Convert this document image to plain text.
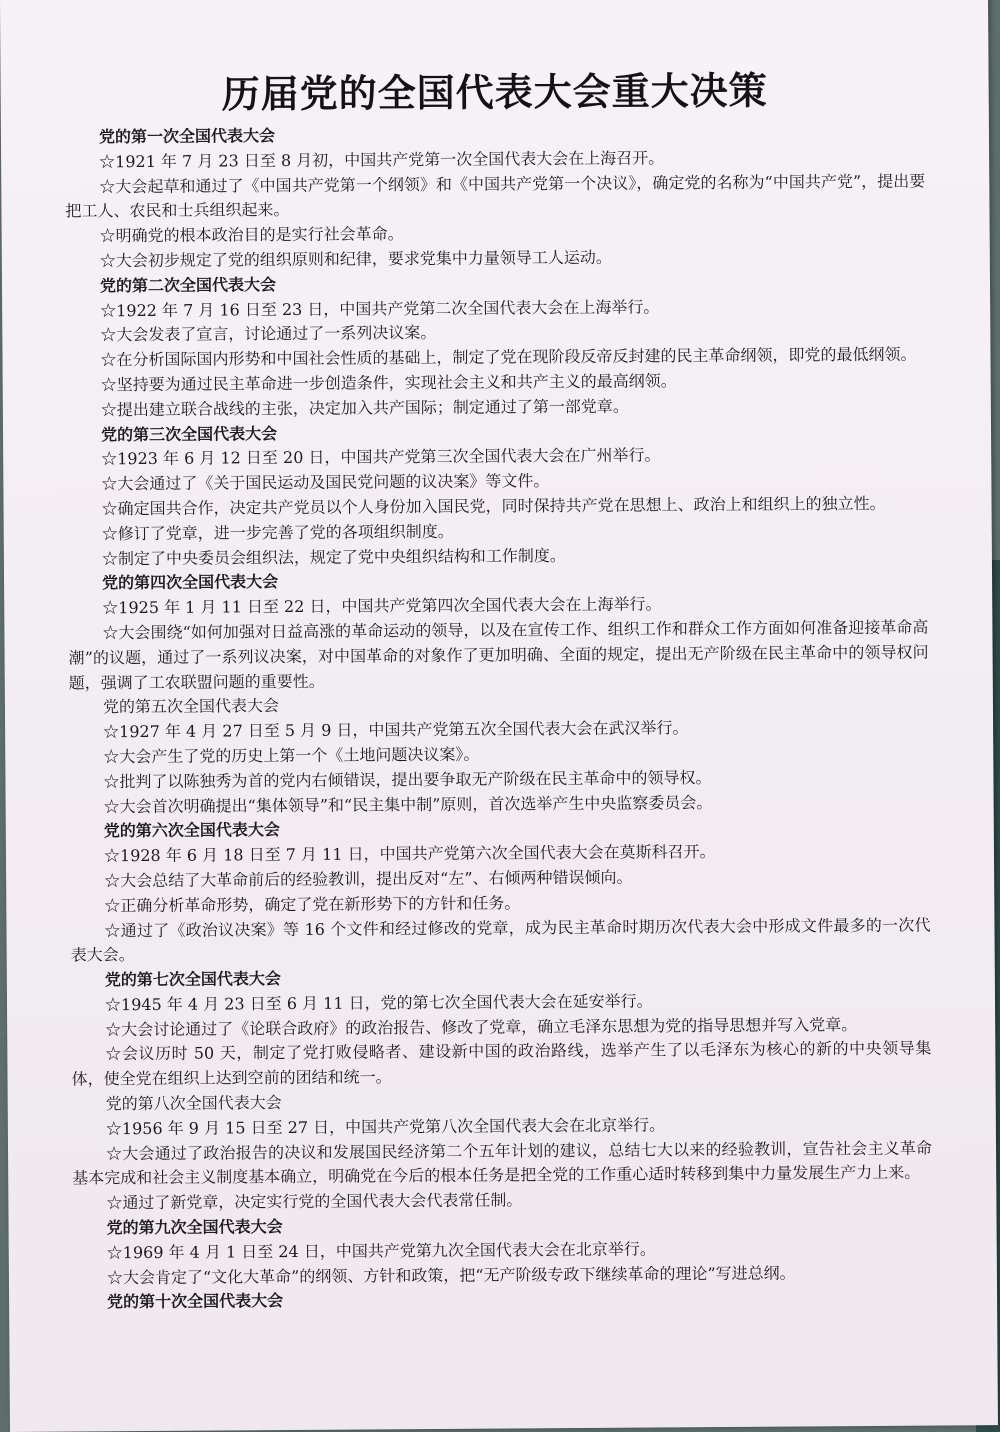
历届党的全国代表大会重大决策

党的第一次全国代表大会

☆1921 年 7 月 23 日至 8 月初，中国共产党第一次全国代表大会在上海召开。

☆大会起草和通过了《中国共产党第一个纲领》和《中国共产党第一个决议》，确定党的名称为“中国共产党”，提出要把工人、农民和士兵组织起来。

☆明确党的根本政治目的是实行社会革命。

☆大会初步规定了党的组织原则和纪律，要求党集中力量领导工人运动。

党的第二次全国代表大会

☆1922 年 7 月 16 日至 23 日，中国共产党第二次全国代表大会在上海举行。

☆大会发表了宣言，讨论通过了一系列决议案。

☆在分析国际国内形势和中国社会性质的基础上，制定了党在现阶段反帝反封建的民主革命纲领，即党的最低纲领。

☆坚持要为通过民主革命进一步创造条件，实现社会主义和共产主义的最高纲领。

☆提出建立联合战线的主张，决定加入共产国际；制定通过了第一部党章。

党的第三次全国代表大会

☆1923 年 6 月 12 日至 20 日，中国共产党第三次全国代表大会在广州举行。

☆大会通过了《关于国民运动及国民党问题的议决案》等文件。

☆确定国共合作，决定共产党员以个人身份加入国民党，同时保持共产党在思想上、政治上和组织上的独立性。

☆修订了党章，进一步完善了党的各项组织制度。

☆制定了中央委员会组织法，规定了党中央组织结构和工作制度。

党的第四次全国代表大会

☆1925 年 1 月 11 日至 22 日，中国共产党第四次全国代表大会在上海举行。

☆大会围绕“如何加强对日益高涨的革命运动的领导，以及在宣传工作、组织工作和群众工作方面如何准备迎接革命高潮”的议题，通过了一系列议决案，对中国革命的对象作了更加明确、全面的规定，提出无产阶级在民主革命中的领导权问题，强调了工农联盟问题的重要性。

党的第五次全国代表大会

☆1927 年 4 月 27 日至 5 月 9 日，中国共产党第五次全国代表大会在武汉举行。

☆大会产生了党的历史上第一个《土地问题决议案》。

☆批判了以陈独秀为首的党内右倾错误，提出要争取无产阶级在民主革命中的领导权。

☆大会首次明确提出“集体领导”和“民主集中制”原则，首次选举产生中央监察委员会。

党的第六次全国代表大会

☆1928 年 6 月 18 日至 7 月 11 日，中国共产党第六次全国代表大会在莫斯科召开。

☆大会总结了大革命前后的经验教训，提出反对“左”、右倾两种错误倾向。

☆正确分析革命形势，确定了党在新形势下的方针和任务。

☆通过了《政治议决案》等 16 个文件和经过修改的党章，成为民主革命时期历次代表大会中形成文件最多的一次代表大会。

党的第七次全国代表大会

☆1945 年 4 月 23 日至 6 月 11 日，党的第七次全国代表大会在延安举行。

☆大会讨论通过了《论联合政府》的政治报告、修改了党章，确立毛泽东思想为党的指导思想并写入党章。

☆会议历时 50 天，制定了党打败侵略者、建设新中国的政治路线，选举产生了以毛泽东为核心的新的中央领导集体，使全党在组织上达到空前的团结和统一。

党的第八次全国代表大会

☆1956 年 9 月 15 日至 27 日，中国共产党第八次全国代表大会在北京举行。

☆大会通过了政治报告的决议和发展国民经济第二个五年计划的建议，总结七大以来的经验教训，宣告社会主义革命基本完成和社会主义制度基本确立，明确党在今后的根本任务是把全党的工作重心适时转移到集中力量发展生产力上来。

☆通过了新党章，决定实行党的全国代表大会代表常任制。

党的第九次全国代表大会

☆1969 年 4 月 1 日至 24 日，中国共产党第九次全国代表大会在北京举行。

☆大会肯定了“文化大革命”的纲领、方针和政策，把“无产阶级专政下继续革命的理论”写进总纲。

党的第十次全国代表大会
